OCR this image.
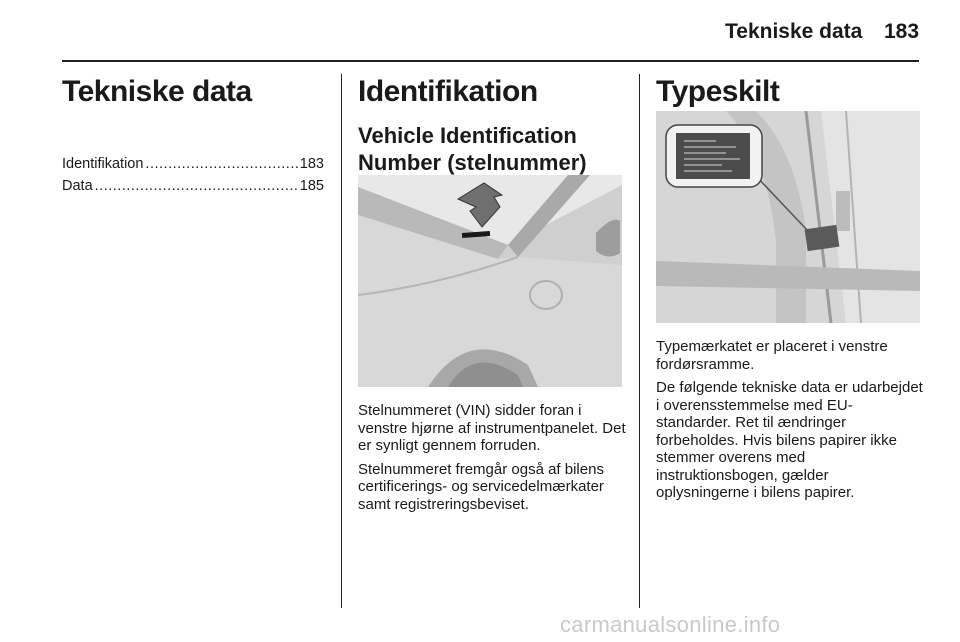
Tekniske data 183
Tekniske data
Identifikation .....	183
Data .....	185
Identifikation
Vehicle Identification Number (stelnummer)

Stelnummeret (VIN) sidder foran i venstre hjørne af instrumentpanelet. Det er synligt gennem forruden.

Stelnummeret fremgår også af bilens certificerings- og servicedelmærkater samt registreringsbeviset.

Typeskilt

Typemærkatet er placeret i venstre fordørsramme.

De følgende tekniske data er udarbejdet i overensstemmelse med EU-standarder. Ret til ændringer forbeholdes. Hvis bilens papirer ikke stemmer overens med instruktionsbogen, gælder oplysningerne i bilens papirer.

carmanualsonline.info
